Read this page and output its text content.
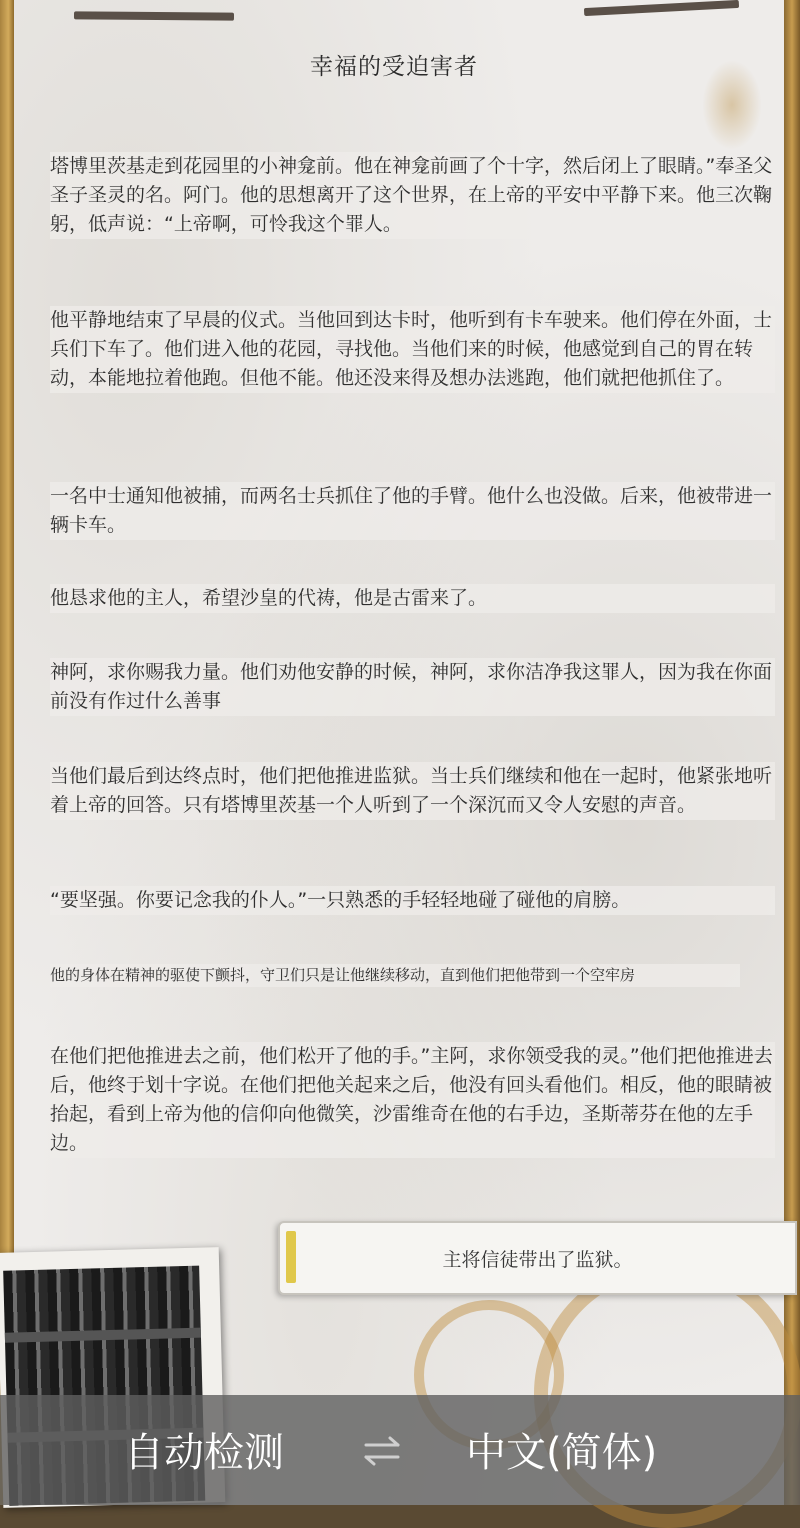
幸福的受迫害者
塔博里茨基走到花园里的小神龛前。他在神龛前画了个十字，然后闭上了眼睛。”奉圣父圣子圣灵的名。阿门。他的思想离开了这个世界，在上帝的平安中平静下来。他三次鞠躬，低声说：“上帝啊，可怜我这个罪人。
他平静地结束了早晨的仪式。当他回到达卡时，他听到有卡车驶来。他们停在外面，士兵们下车了。他们进入他的花园，寻找他。当他们来的时候，他感觉到自己的胃在转动，本能地拉着他跑。但他不能。他还没来得及想办法逃跑，他们就把他抓住了。
一名中士通知他被捕，而两名士兵抓住了他的手臂。他什么也没做。后来，他被带进一辆卡车。
他恳求他的主人，希望沙皇的代祷，他是古雷来了。
神阿，求你赐我力量。他们劝他安静的时候，神阿，求你洁净我这罪人，因为我在你面前没有作过什么善事
当他们最后到达终点时，他们把他推进监狱。当士兵们继续和他在一起时，他紧张地听着上帝的回答。只有塔博里茨基一个人听到了一个深沉而又令人安慰的声音。
“要坚强。你要记念我的仆人。”一只熟悉的手轻轻地碰了碰他的肩膀。
他的身体在精神的驱使下颤抖，守卫们只是让他继续移动，直到他们把他带到一个空牢房
在他们把他推进去之前，他们松开了他的手。”主阿，求你领受我的灵。”他们把他推进去后，他终于划十字说。在他们把他关起来之后，他没有回头看他们。相反，他的眼睛被抬起，看到上帝为他的信仰向他微笑，沙雷维奇在他的右手边，圣斯蒂芬在他的左手边。
主将信徒带出了监狱。
自动检测	中文(简体)
